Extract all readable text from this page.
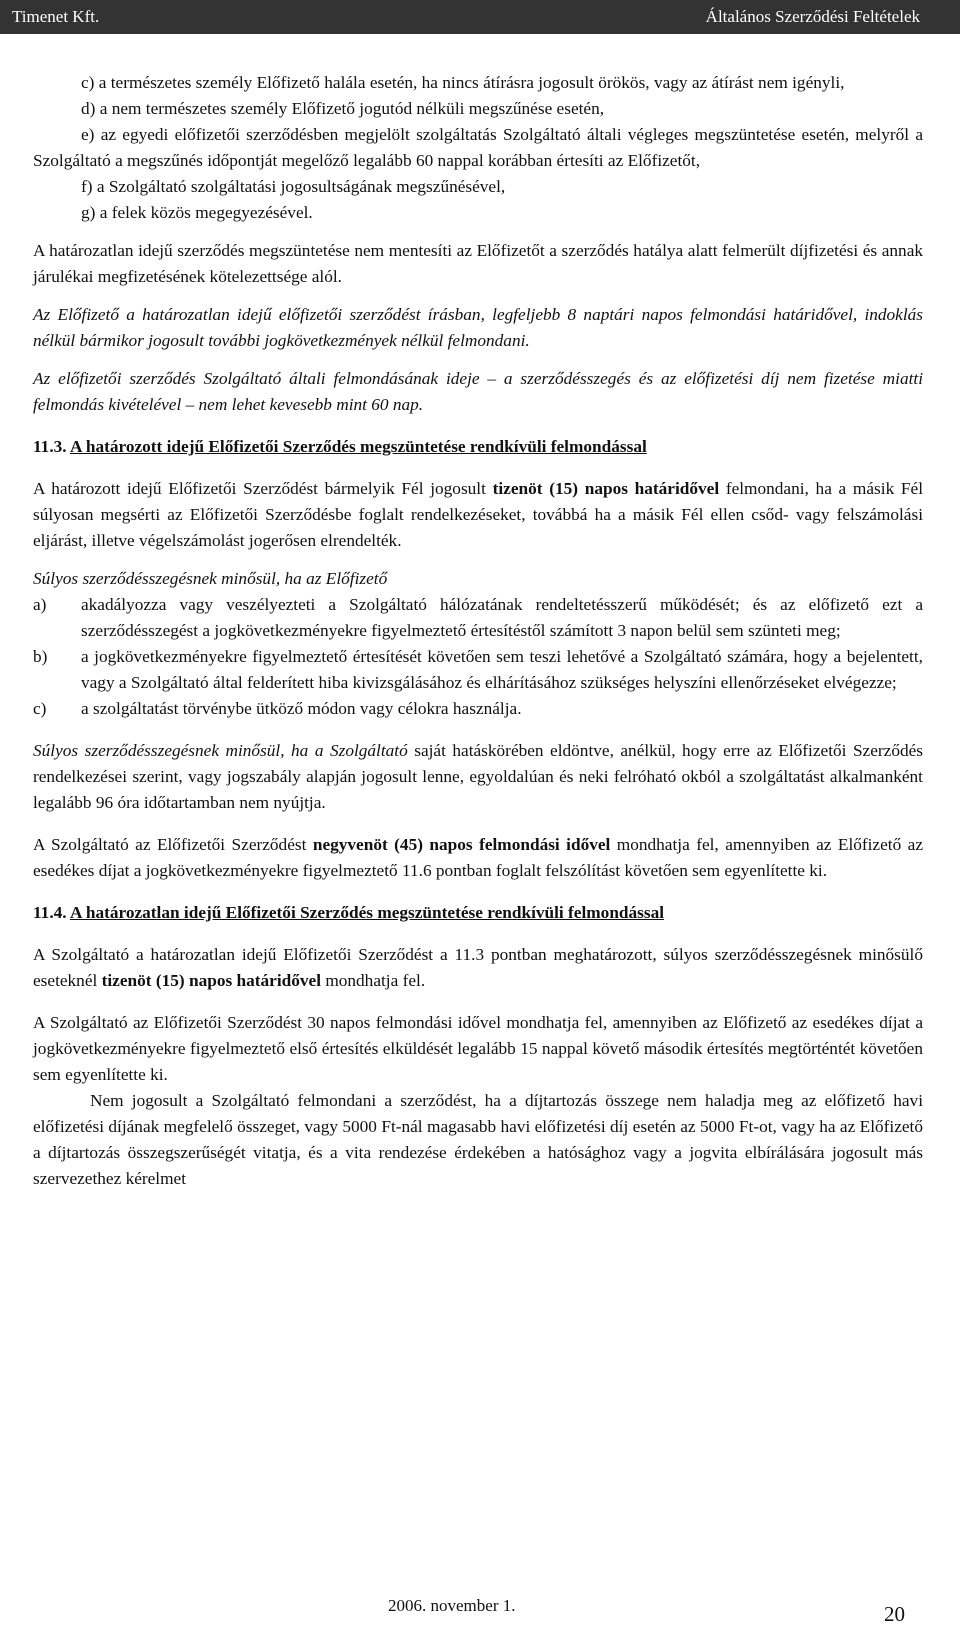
Timenet Kft.	Általános Szerződési Feltételek

c) a természetes személy Előfizető halála esetén, ha nincs átírásra jogosult örökös, vagy az átírást nem igényli,

d) a nem természetes személy Előfizető jogutód nélküli megszűnése esetén,

e) az egyedi előfizetői szerződésben megjelölt szolgáltatás Szolgáltató általi végleges megszüntetése esetén, melyről a Szolgáltató a megszűnés időpontját megelőző legalább 60 nappal korábban értesíti az Előfizetőt,

f) a Szolgáltató szolgáltatási jogosultságának megszűnésével,

g) a felek közös megegyezésével.

A határozatlan idejű szerződés megszüntetése nem mentesíti az Előfizetőt a szerződés hatálya alatt felmerült díjfizetési és annak járulékai megfizetésének kötelezettsége alól.

Az Előfizető a határozatlan idejű előfizetői szerződést írásban, legfeljebb 8 naptári napos felmondási határidővel, indoklás nélkül bármikor jogosult további jogkövetkezmények nélkül felmondani.

Az előfizetői szerződés Szolgáltató általi felmondásának ideje – a szerződésszegés és az előfizetési díj nem fizetése miatti felmondás kivételével – nem lehet kevesebb mint 60 nap.

11.3. A határozott idejű Előfizetői Szerződés megszüntetése rendkívüli felmondással

A határozott idejű Előfizetői Szerződést bármelyik Fél jogosult tizenöt (15) napos határidővel felmondani, ha a másik Fél súlyosan megsérti az Előfizetői Szerződésbe foglalt rendelkezéseket, továbbá ha a másik Fél ellen csőd- vagy felszámolási eljárást, illetve végelszámolást jogerősen elrendelték.

Súlyos szerződésszegésnek minősül, ha az Előfizető

a)	akadályozza vagy veszélyezteti a Szolgáltató hálózatának rendeltetésszerű működését; és az előfizető ezt a szerződésszegést a jogkövetkezményekre figyelmeztető értesítéstől számított 3 napon belül sem szünteti meg;
b)	a jogkövetkezményekre figyelmeztető értesítését követően sem teszi lehetővé a Szolgáltató számára, hogy a bejelentett, vagy a Szolgáltató által felderített hiba kivizsgálásához és elhárításához szükséges helyszíni ellenőrzéseket elvégezze;
c)	a szolgáltatást törvénybe ütköző módon vagy célokra használja.

Súlyos szerződésszegésnek minősül, ha a Szolgáltató saját hatáskörében eldöntve, anélkül, hogy erre az Előfizetői Szerződés rendelkezései szerint, vagy jogszabály alapján jogosult lenne, egyoldalúan és neki felróható okból a szolgáltatást alkalmanként legalább 96 óra időtartamban nem nyújtja.

A Szolgáltató az Előfizetői Szerződést negyvenöt (45) napos felmondási idővel mondhatja fel, amennyiben az Előfizető az esedékes díjat a jogkövetkezményekre figyelmeztető 11.6 pontban foglalt felszólítást követően sem egyenlítette ki.

11.4. A határozatlan idejű Előfizetői Szerződés megszüntetése rendkívüli felmondással

A Szolgáltató a határozatlan idejű Előfizetői Szerződést a 11.3 pontban meghatározott, súlyos szerződésszegésnek minősülő eseteknél tizenöt (15) napos határidővel mondhatja fel.

A Szolgáltató az Előfizetői Szerződést 30 napos felmondási idővel mondhatja fel, amennyiben az Előfizető az esedékes díjat a jogkövetkezményekre figyelmeztető első értesítés elküldését legalább 15 nappal követő második értesítés megtörténtét követően sem egyenlítette ki.

Nem jogosult a Szolgáltató felmondani a szerződést, ha a díjtartozás összege nem haladja meg az előfizető havi előfizetési díjának megfelelő összeget, vagy 5000 Ft-nál magasabb havi előfizetési díj esetén az 5000 Ft-ot, vagy ha az Előfizető a díjtartozás összegszerűségét vitatja, és a vita rendezése érdekében a hatósághoz vagy a jogvita elbírálására jogosult más szervezethez kérelmet

2006. november 1.	20
